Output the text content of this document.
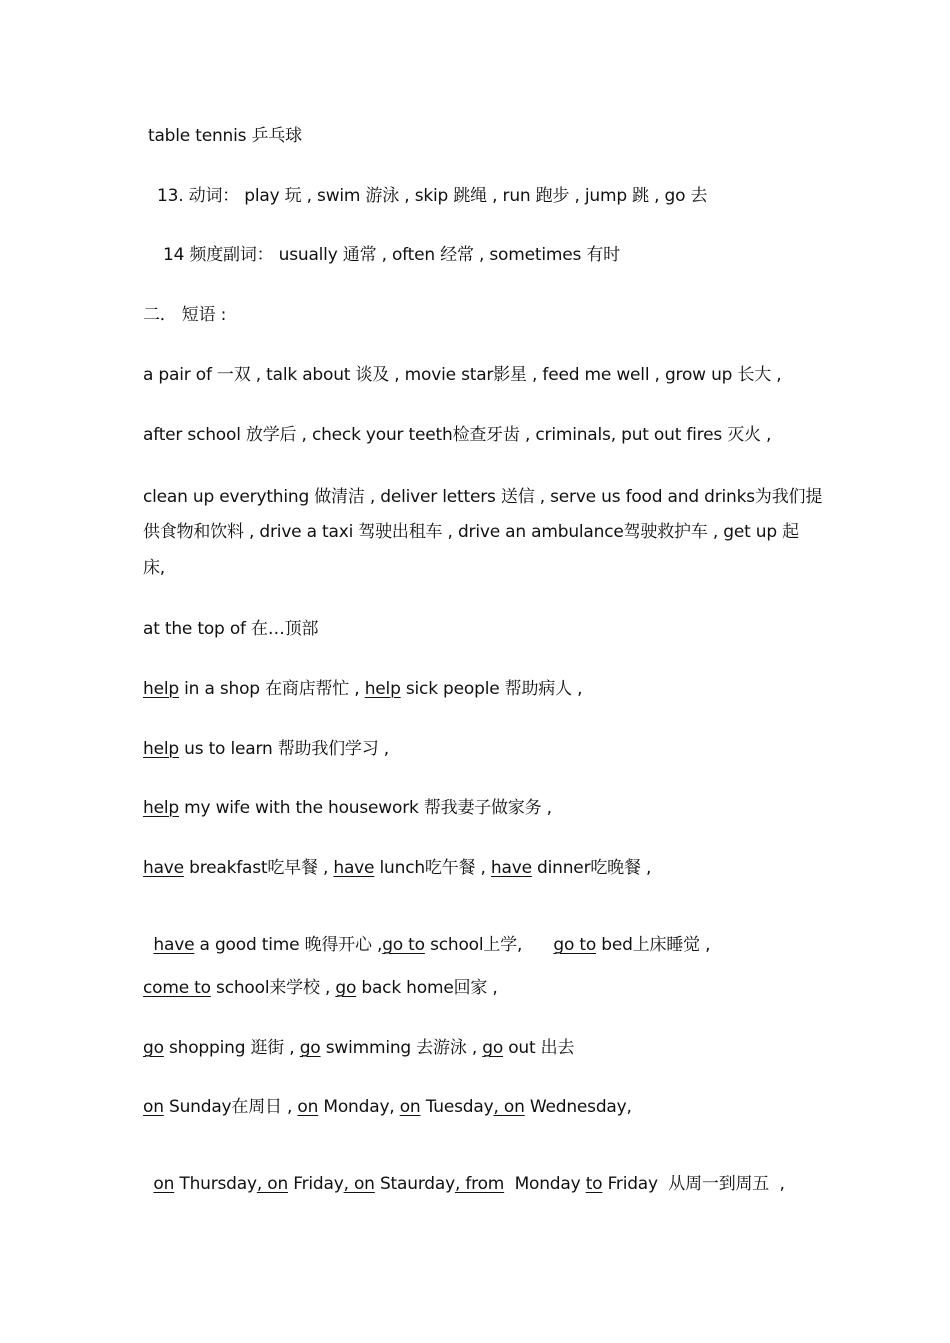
table tennis 乒乓球
13. 动词： play 玩 , swim 游泳 , skip 跳绳 , run 跑步 , jump 跳 , go 去
14 频度副词： usually 通常 , often 经常 , sometimes 有时
二． 短语 :
a pair of 一双 , talk about 谈及 , movie star影星 , feed me well , grow up 长大 ,
after school 放学后 , check your teeth检查牙齿 , criminals, put out fires 灭火 ,
clean up everything 做清洁 , deliver letters 送信 , serve us food and drinks为我们提
供食物和饮料 , drive a taxi 驾驶出租车 , drive an ambulance驾驶救护车 , get up 起
床,
at the top of 在…顶部
help in a shop 在商店帮忙 , help sick people 帮助病人 ,
help us to learn 帮助我们学习 ,
help my wife with the housework 帮我妻子做家务 ,
have breakfast吃早餐 , have lunch吃午餐 , have dinner吃晚餐 ,

have a good time 晚得开心 ,go to school上学,      go to bed上床睡觉 ,

come to school来学校 , go back home回家 ,
go shopping 逛街 , go swimming 去游泳 , go out 出去
on Sunday在周日 , on Monday, on Tuesday, on Wednesday,

on Thursday, on Friday, on Staurday, from  Monday to Friday  从周一到周五  ,
